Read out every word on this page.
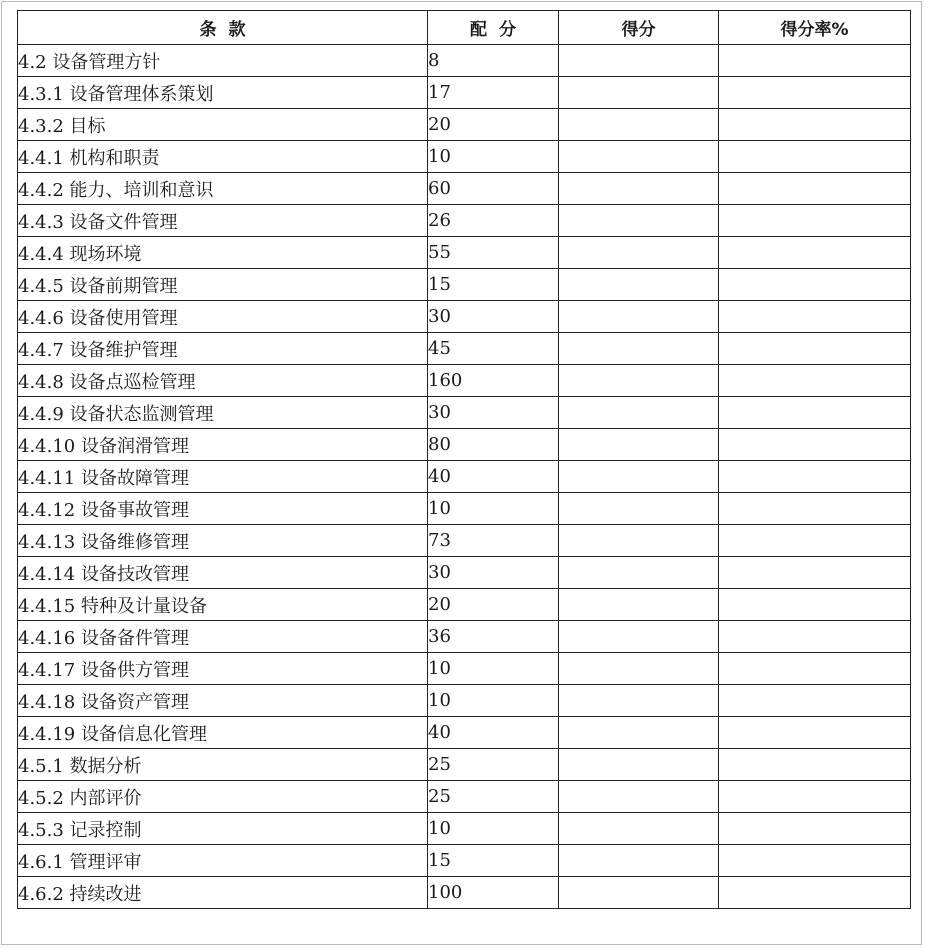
条款	配分	得分	得分率%
4.2 设备管理方针	8		
4.3.1 设备管理体系策划	17		
4.3.2 目标	20		
4.4.1 机构和职责	10		
4.4.2 能力、培训和意识	60		
4.4.3 设备文件管理	26		
4.4.4 现场环境	55		
4.4.5 设备前期管理	15		
4.4.6 设备使用管理	30		
4.4.7 设备维护管理	45		
4.4.8 设备点巡检管理	160		
4.4.9 设备状态监测管理	30		
4.4.10 设备润滑管理	80		
4.4.11 设备故障管理	40		
4.4.12 设备事故管理	10		
4.4.13 设备维修管理	73		
4.4.14 设备技改管理	30		
4.4.15 特种及计量设备	20		
4.4.16 设备备件管理	36		
4.4.17 设备供方管理	10		
4.4.18 设备资产管理	10		
4.4.19 设备信息化管理	40		
4.5.1 数据分析	25		
4.5.2 内部评价	25		
4.5.3 记录控制	10		
4.6.1 管理评审	15		
4.6.2 持续改进	100		
